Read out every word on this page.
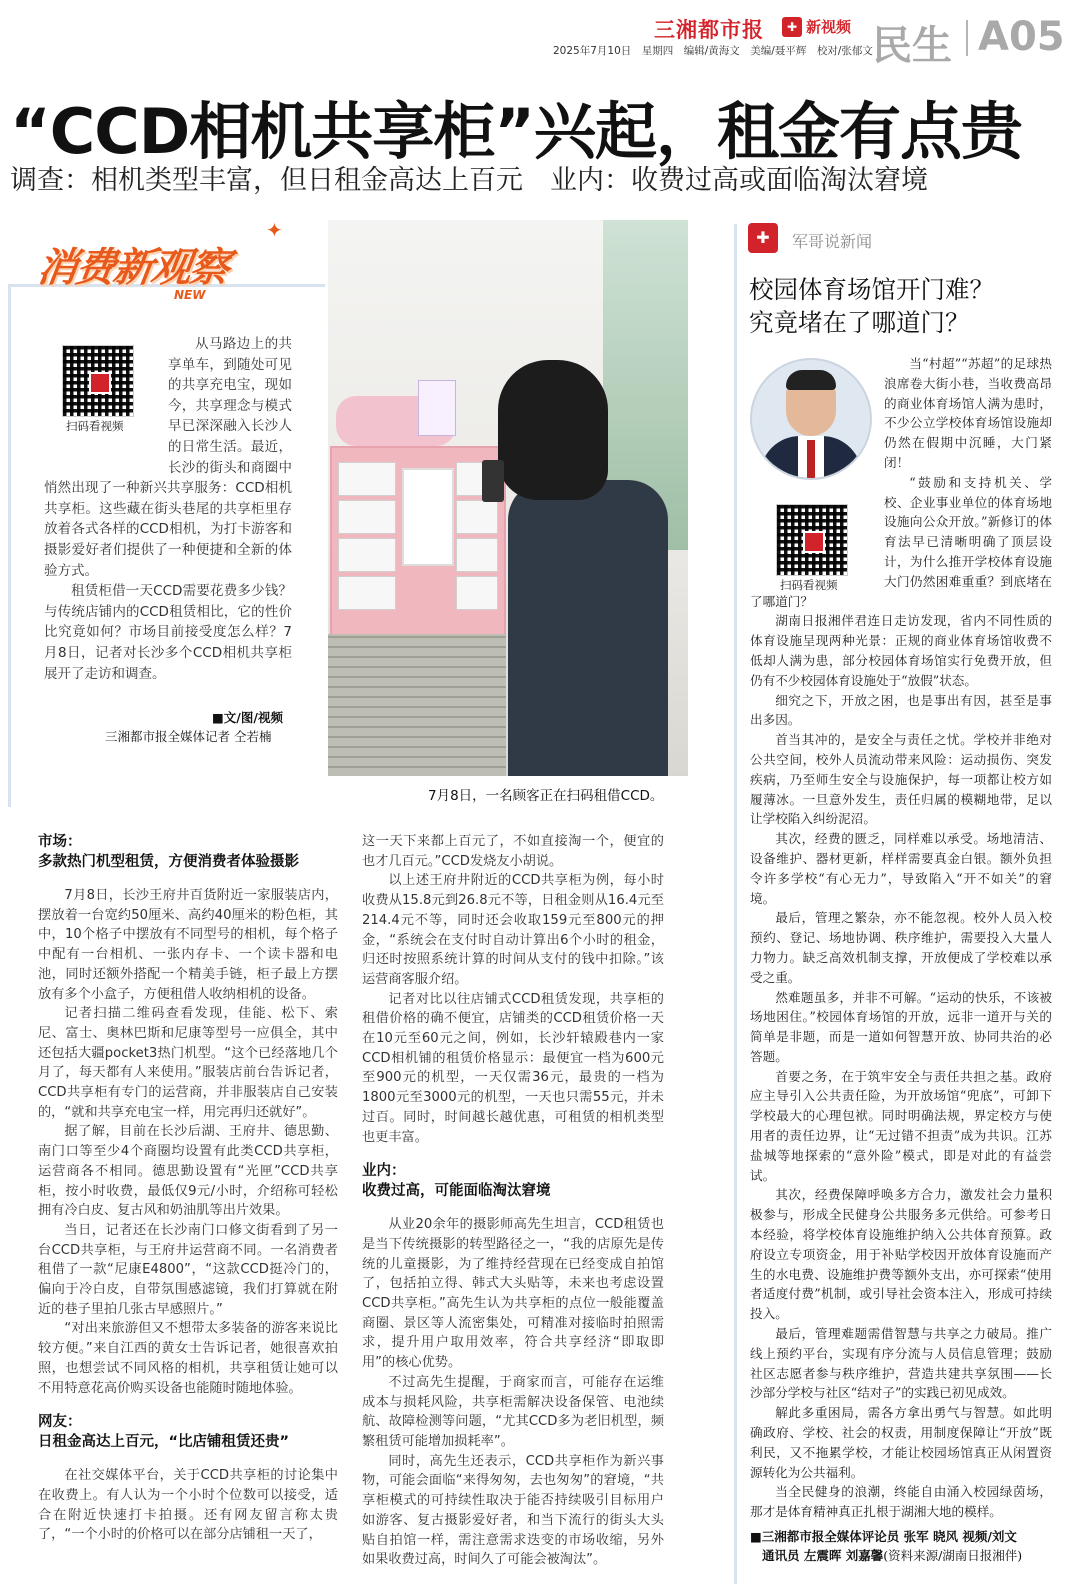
三湘都市报	✚ 新视频
2025年7月10日　星期四　编辑/黄海文　美编/聂平辉　校对/张郁文 民生 A05
“CCD相机共享柜”兴起，租金有点贵
调查：相机类型丰富，但日租金高达上百元　业内：收费过高或面临淘汰窘境
消费新观察
NEW
✦
扫码看视频

从马路边上的共享单车，到随处可见的共享充电宝，现如今，共享理念与模式早已深深融入长沙人的日常生活。最近，长沙的街头和商圈中悄然出现了一种新兴共享服务：CCD相机共享柜。这些藏在街头巷尾的共享柜里存放着各式各样的CCD相机，为打卡游客和摄影爱好者们提供了一种便捷和全新的体验方式。

租赁柜借一天CCD需要花费多少钱？与传统店铺内的CCD租赁相比，它的性价比究竟如何？市场目前接受度怎么样？7月8日，记者对长沙多个CCD相机共享柜展开了走访和调查。

■文/图/视频
三湘都市报全媒体记者 仝若楠
7月8日，一名顾客正在扫码租借CCD。
市场：
多款热门机型租赁，方便消费者体验摄影

7月8日，长沙王府井百货附近一家服装店内，摆放着一台宽约50厘米、高约40厘米的粉色柜，其中，10个格子中摆放有不同型号的相机，每个格子中配有一台相机、一张内存卡、一个读卡器和电池，同时还额外搭配一个精美手链，柜子最上方摆放有多个小盒子，方便租借人收纳相机的设备。

记者扫描二维码查看发现，佳能、松下、索尼、富士、奥林巴斯和尼康等型号一应俱全，其中还包括大疆pocket3热门机型。“这个已经落地几个月了，每天都有人来使用。”服装店前台告诉记者，CCD共享柜有专门的运营商，并非服装店自己安装的，“就和共享充电宝一样，用完再归还就好”。

据了解，目前在长沙后湖、王府井、德思勤、南门口等至少4个商圈均设置有此类CCD共享柜，运营商各不相同。德思勤设置有“光匣”CCD共享柜，按小时收费，最低仅9元/小时，介绍称可轻松拥有冷白皮、复古风和奶油肌等出片效果。

当日，记者还在长沙南门口修文街看到了另一台CCD共享柜，与王府井运营商不同。一名消费者租借了一款“尼康E4800”，“这款CCD挺冷门的，偏向于冷白皮，自带氛围感滤镜，我们打算就在附近的巷子里拍几张古早感照片。”

“对出来旅游但又不想带太多装备的游客来说比较方便。”来自江西的黄女士告诉记者，她很喜欢拍照，也想尝试不同风格的相机，共享租赁让她可以不用特意花高价购买设备也能随时随地体验。

网友：
日租金高达上百元，“比店铺租赁还贵”

在社交媒体平台，关于CCD共享柜的讨论集中在收费上。有人认为一个小时个位数可以接受，适合在附近快速打卡拍摄。还有网友留言称太贵了，“一个小时的价格可以在部分店铺租一天了，

这一天下来都上百元了，不如直接淘一个，便宜的也才几百元。”CCD发烧友小胡说。

以上述王府井附近的CCD共享柜为例，每小时收费从15.8元到26.8元不等，日租金则从16.4元至214.4元不等，同时还会收取159元至800元的押金，“系统会在支付时自动计算出6个小时的租金，归还时按照系统计算的时间从支付的钱中扣除。”该运营商客服介绍。

记者对比以往店铺式CCD租赁发现，共享柜的租借价格的确不便宜，店铺类的CCD租赁价格一天在10元至60元之间，例如，长沙轩辕殿巷内一家CCD相机铺的租赁价格显示：最便宜一档为600元至900元的机型，一天仅需36元，最贵的一档为1800元至3000元的机型，一天也只需55元，并未过百。同时，时间越长越优惠，可租赁的相机类型也更丰富。

业内：
收费过高，可能面临淘汰窘境

从业20余年的摄影师高先生坦言，CCD租赁也是当下传统摄影的转型路径之一，“我的店原先是传统的儿童摄影，为了维持经营现在已经变成自拍馆了，包括拍立得、韩式大头贴等，未来也考虑设置CCD共享柜。”高先生认为共享柜的点位一般能覆盖商圈、景区等人流密集处，可精准对接临时拍照需求，提升用户取用效率，符合共享经济“即取即用”的核心优势。

不过高先生提醒，于商家而言，可能存在运维成本与损耗风险，共享柜需解决设备保管、电池续航、故障检测等问题，“尤其CCD多为老旧机型，频繁租赁可能增加损耗率”。

同时，高先生还表示，CCD共享柜作为新兴事物，可能会面临“来得匆匆，去也匆匆”的窘境，“共享柜模式的可持续性取决于能否持续吸引目标用户如游客、复古摄影爱好者，和当下流行的街头大头贴自拍馆一样，需注意需求迭变的市场收缩，另外如果收费过高，时间久了可能会被淘汰”。

✚	军哥说新闻
校园体育场馆开门难？
究竟堵在了哪道门？

当“村超”“苏超”的足球热浪席卷大街小巷，当收费高昂的商业体育场馆人满为患时，不少公立学校体育场馆设施却仍然在假期中沉睡，大门紧闭！

“鼓励和支持机关、学校、企业事业单位的体育场地设施向公众开放。”新修订的体育法早已清晰明确了顶层设计，为什么推开学校体育设施大门仍然困难重重？到底堵在了哪道门？

湖南日报湘伴君连日走访发现，省内不同性质的体育设施呈现两种光景：正规的商业体育场馆收费不低却人满为患，部分校园体育场馆实行免费开放，但仍有不少校园体育设施处于“放假”状态。

细究之下，开放之困，也是事出有因，甚至是事出多因。

首当其冲的，是安全与责任之忧。学校并非绝对公共空间，校外人员流动带来风险：运动损伤、突发疾病，乃至师生安全与设施保护，每一项都让校方如履薄冰。一旦意外发生，责任归属的模糊地带，足以让学校陷入纠纷泥沼。

其次，经费的匮乏，同样难以承受。场地清洁、设备维护、器材更新，样样需要真金白银。额外负担令许多学校“有心无力”，导致陷入“开不如关”的窘境。

最后，管理之繁杂，亦不能忽视。校外人员入校预约、登记、场地协调、秩序维护，需要投入大量人力物力。缺乏高效机制支撑，开放便成了学校难以承受之重。

然难题虽多，并非不可解。“运动的快乐，不该被场地困住。”校园体育场馆的开放，远非一道开与关的简单是非题，而是一道如何智慧开放、协同共治的必答题。

首要之务，在于筑牢安全与责任共担之基。政府应主导引入公共责任险，为开放场馆“兜底”，可卸下学校最大的心理包袱。同时明确法规，界定校方与使用者的责任边界，让“无过错不担责”成为共识。江苏盐城等地探索的“意外险”模式，即是对此的有益尝试。

其次，经费保障呼唤多方合力，激发社会力量积极参与，形成全民健身公共服务多元供给。可参考日本经验，将学校体育设施维护纳入公共体育预算。政府设立专项资金，用于补贴学校因开放体育设施而产生的水电费、设施维护费等额外支出，亦可探索“使用者适度付费”机制，或引导社会资本注入，形成可持续投入。

最后，管理难题需借智慧与共享之力破局。推广线上预约平台，实现有序分流与人员信息管理；鼓励社区志愿者参与秩序维护，营造共建共享氛围——长沙部分学校与社区“结对子”的实践已初见成效。

解此多重困局，需各方拿出勇气与智慧。如此明确政府、学校、社会的权责，用制度保障让“开放”既利民，又不拖累学校，才能让校园场馆真正从闲置资源转化为公共福利。

当全民健身的浪潮，终能自由涌入校园绿茵场，那才是体育精神真正扎根于湖湘大地的模样。

扫码看视频
■三湘都市报全媒体评论员 张军 晓风 视频/刘文
通讯员 左震晖 刘嘉馨(资料来源/湖南日报湘伴)
